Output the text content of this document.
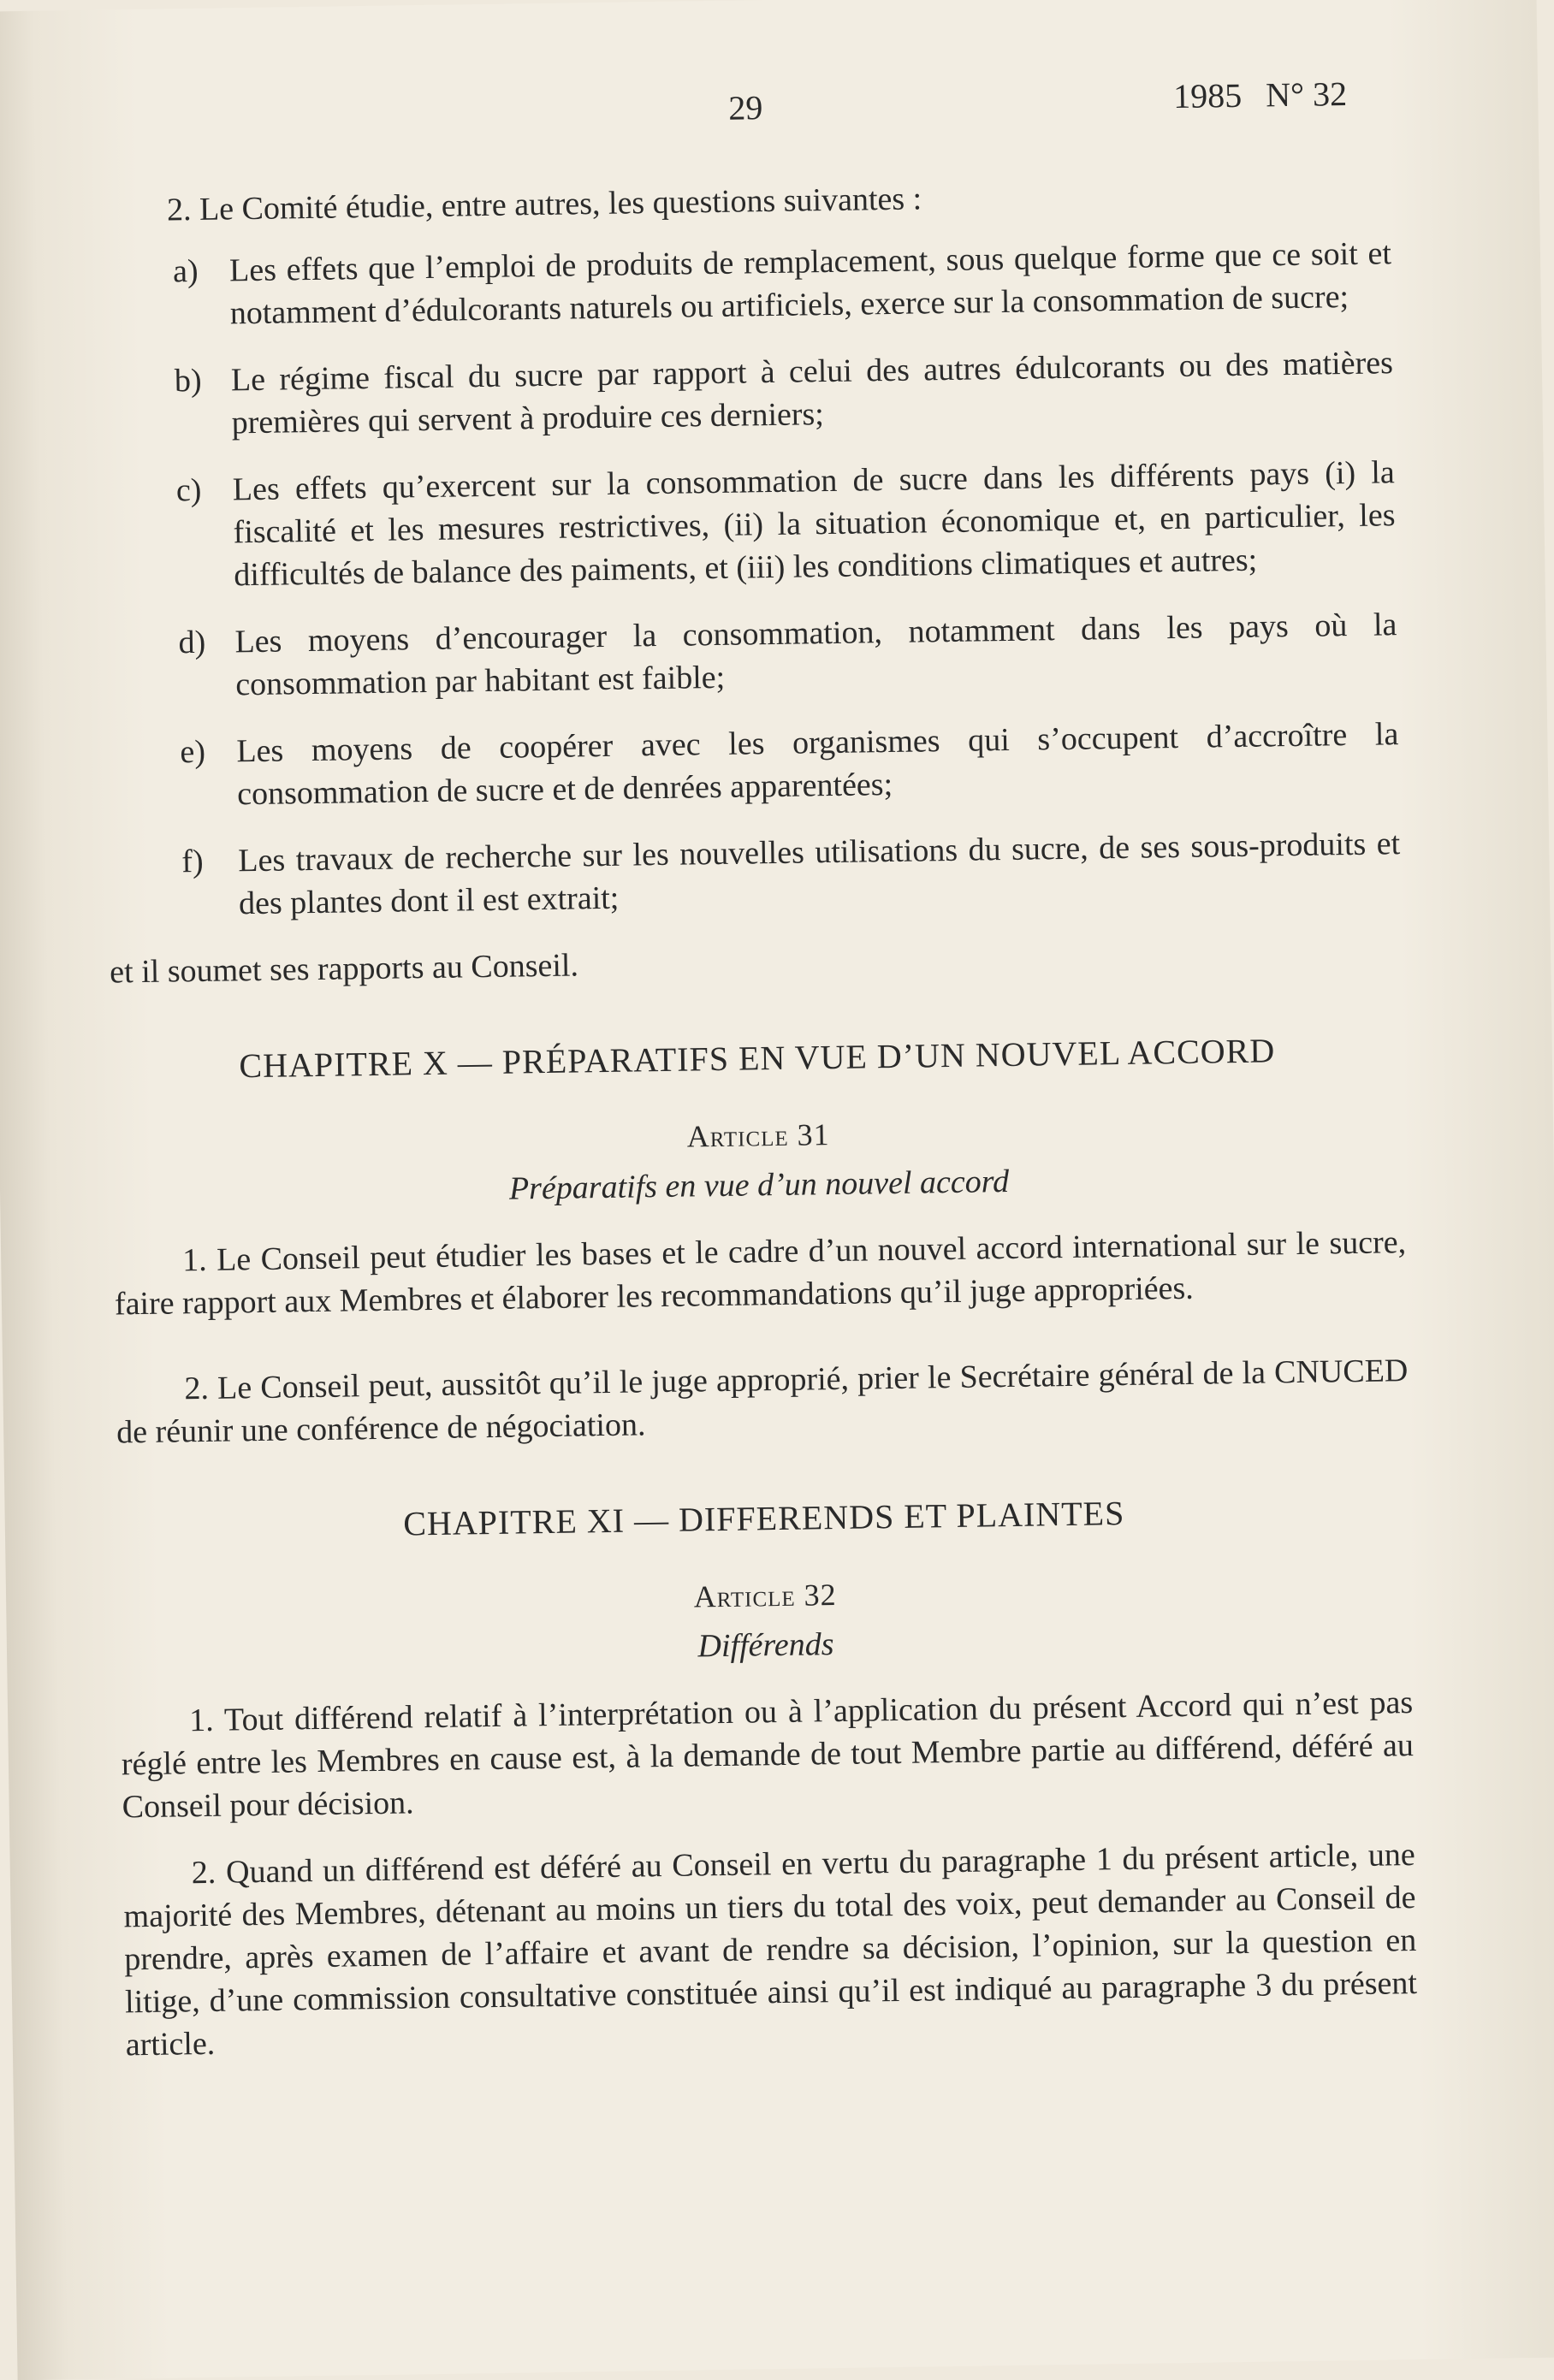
29	1985 N° 32

2. Le Comité étudie, entre autres, les questions suivantes :

a) Les effets que l’emploi de produits de remplacement, sous quelque forme que ce soit et notamment d’édulcorants naturels ou artificiels, exerce sur la consommation de sucre;
b) Le régime fiscal du sucre par rapport à celui des autres édulcorants ou des matières premières qui servent à produire ces derniers;
c) Les effets qu’exercent sur la consommation de sucre dans les différents pays (i) la fiscalité et les mesures restrictives, (ii) la situation économique et, en particulier, les difficultés de balance des paiments, et (iii) les conditions climatiques et autres;
d) Les moyens d’encourager la consommation, notamment dans les pays où la consommation par habitant est faible;
e) Les moyens de coopérer avec les organismes qui s’occupent d’accroître la consommation de sucre et de denrées apparentées;
f) Les travaux de recherche sur les nouvelles utilisations du sucre, de ses sous-produits et des plantes dont il est extrait;

et il soumet ses rapports au Conseil.

CHAPITRE X — PRÉPARATIFS EN VUE D’UN NOUVEL ACCORD
Article 31
Préparatifs en vue d’un nouvel accord

1. Le Conseil peut étudier les bases et le cadre d’un nouvel accord international sur le sucre, faire rapport aux Membres et élaborer les recommandations qu’il juge appropriées.

2. Le Conseil peut, aussitôt qu’il le juge approprié, prier le Secrétaire général de la CNUCED de réunir une conférence de négociation.

CHAPITRE XI — DIFFERENDS ET PLAINTES
Article 32
Différends

1. Tout différend relatif à l’interprétation ou à l’application du présent Accord qui n’est pas réglé entre les Membres en cause est, à la demande de tout Membre partie au différend, déféré au Conseil pour décision.

2. Quand un différend est déféré au Conseil en vertu du paragraphe 1 du présent article, une majorité des Membres, détenant au moins un tiers du total des voix, peut demander au Conseil de prendre, après examen de l’affaire et avant de rendre sa décision, l’opinion, sur la question en litige, d’une commission consultative constituée ainsi qu’il est indiqué au paragraphe 3 du présent article.
